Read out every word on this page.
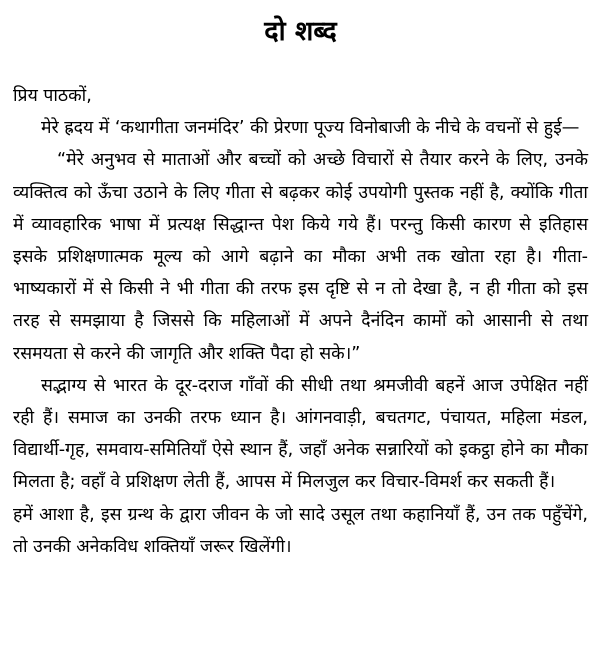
दो शब्द

प्रिय पाठकों,

मेरे ह्रदय में ‘कथागीता जनमंदिर’ की प्रेरणा पूज्य विनोबाजी के नीचे के वचनों से हुई—

“मेरे अनुभव से माताओं और बच्चों को अच्छे विचारों से तैयार करने के लिए, उनके व्यक्तित्व को ऊँचा उठाने के लिए गीता से बढ़कर कोई उपयोगी पुस्तक नहीं है, क्योंकि गीता में व्यावहारिक भाषा में प्रत्यक्ष सिद्धान्त पेश किये गये हैं। परन्तु किसी कारण से इतिहास इसके प्रशिक्षणात्मक मूल्य को आगे बढ़ाने का मौका अभी तक खोता रहा है। गीता-भाष्यकारों में से किसी ने भी गीता की तरफ इस दृष्टि से न तो देखा है, न ही गीता को इस तरह से समझाया है जिससे कि महिलाओं में अपने दैनंदिन कामों को आसानी से तथा रसमयता से करने की जागृति और शक्ति पैदा हो सके।”

सद्भाग्य से भारत के दूर-दराज गाँवों की सीधी तथा श्रमजीवी बहनें आज उपेक्षित नहीं रही हैं। समाज का उनकी तरफ ध्यान है। आंगनवाड़ी, बचतगट, पंचायत, महिला मंडल, विद्यार्थी-गृह, समवाय-समितियाँ ऐसे स्थान हैं, जहाँ अनेक सन्नारियों को इकट्ठा होने का मौका मिलता है; वहाँ वे प्रशिक्षण लेती हैं, आपस में मिलजुल कर विचार-विमर्श कर सकती हैं।

हमें आशा है, इस ग्रन्थ के द्वारा जीवन के जो सादे उसूल तथा कहानियाँ हैं, उन तक पहुँचेंगे, तो उनकी अनेकविध शक्तियाँ जरूर खिलेंगी।
